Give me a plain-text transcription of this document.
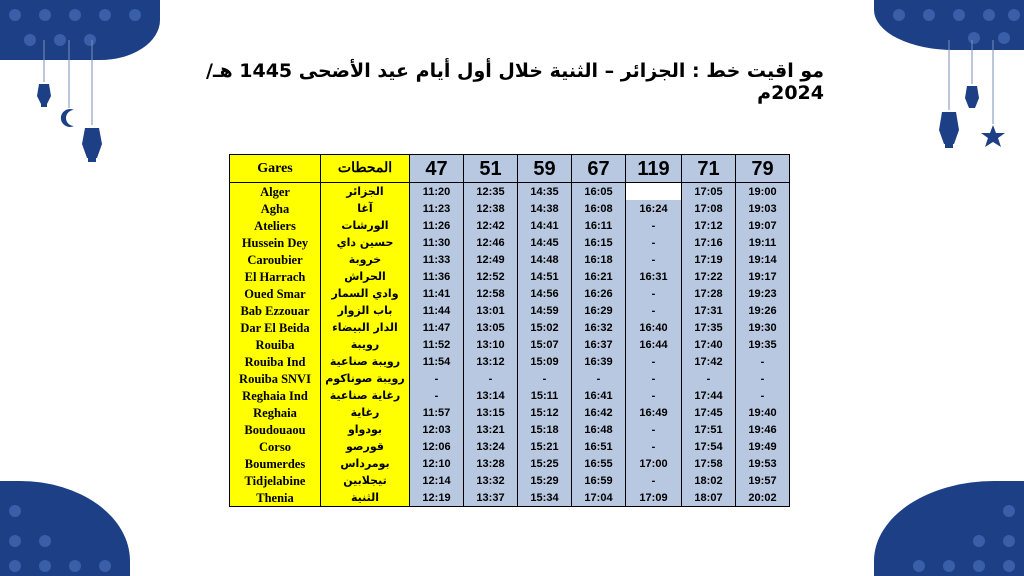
مو اقيت خط : الجزائر – الثنية خلال أول أيام عيد الأضحى 1445 هـ/ 2024م
Gares	المحطات	47	51	59	67	119	71	79
Alger	الجزائر	11:20	12:35	14:35	16:05		17:05	19:00
Agha	آغا	11:23	12:38	14:38	16:08	16:24	17:08	19:03
Ateliers	الورشات	11:26	12:42	14:41	16:11	-	17:12	19:07
Hussein Dey	حسين داي	11:30	12:46	14:45	16:15	-	17:16	19:11
Caroubier	خروبة	11:33	12:49	14:48	16:18	-	17:19	19:14
El Harrach	الحراش	11:36	12:52	14:51	16:21	16:31	17:22	19:17
Oued Smar	وادي السمار	11:41	12:58	14:56	16:26	-	17:28	19:23
Bab Ezzouar	باب الزوار	11:44	13:01	14:59	16:29	-	17:31	19:26
Dar El Beida	الدار البيضاء	11:47	13:05	15:02	16:32	16:40	17:35	19:30
Rouiba	رويبة	11:52	13:10	15:07	16:37	16:44	17:40	19:35
Rouiba Ind	رويبة صناعية	11:54	13:12	15:09	16:39	-	17:42	-
Rouiba SNVI	رويبة صوناكوم	-	-	-	-	-	-	-
Reghaia Ind	رغاية صناعية	-	13:14	15:11	16:41	-	17:44	-
Reghaia	رغاية	11:57	13:15	15:12	16:42	16:49	17:45	19:40
Boudouaou	بودواو	12:03	13:21	15:18	16:48	-	17:51	19:46
Corso	قورصو	12:06	13:24	15:21	16:51	-	17:54	19:49
Boumerdes	بومرداس	12:10	13:28	15:25	16:55	17:00	17:58	19:53
Tidjelabine	تيجلابين	12:14	13:32	15:29	16:59	-	18:02	19:57
Thenia	الثنية	12:19	13:37	15:34	17:04	17:09	18:07	20:02
